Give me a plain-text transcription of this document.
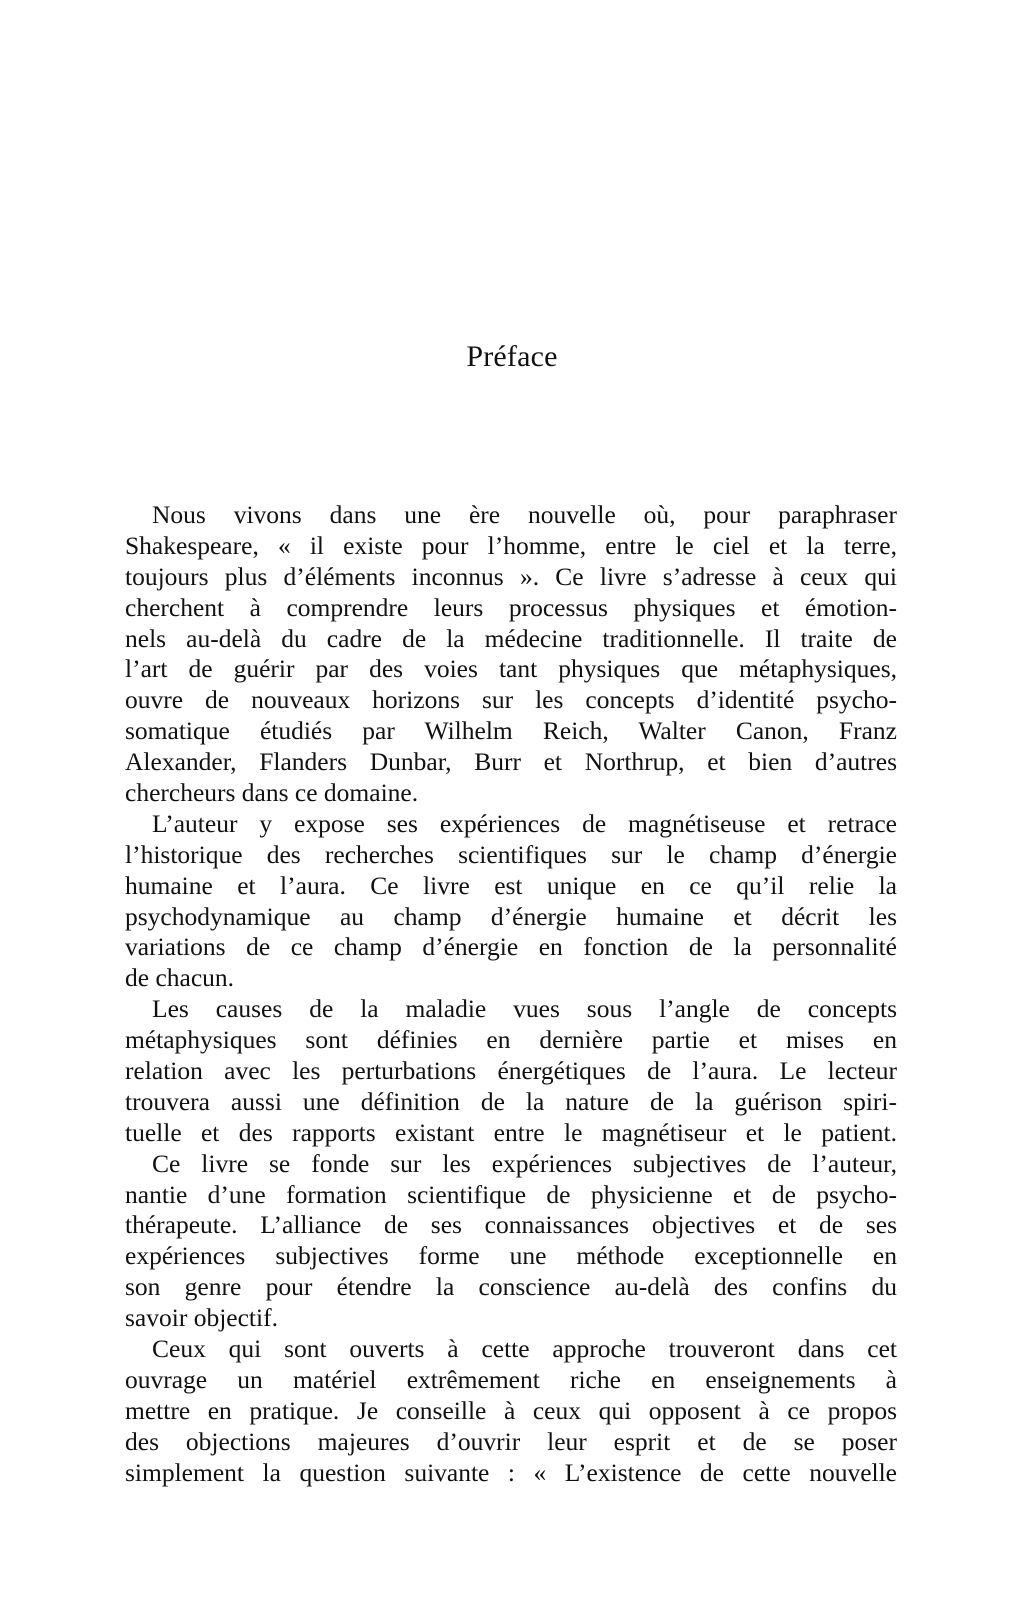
Préface
Nous vivons dans une ère nouvelle où, pour paraphraser
Shakespeare, « il existe pour l’homme, entre le ciel et la terre,
toujours plus d’éléments inconnus ». Ce livre s’adresse à ceux qui
cherchent à comprendre leurs processus physiques et émotion-
nels au-delà du cadre de la médecine traditionnelle. Il traite de
l’art de guérir par des voies tant physiques que métaphysiques,
ouvre de nouveaux horizons sur les concepts d’identité psycho-
somatique étudiés par Wilhelm Reich, Walter Canon, Franz
Alexander, Flanders Dunbar, Burr et Northrup, et bien d’autres
chercheurs dans ce domaine.
L’auteur y expose ses expériences de magnétiseuse et retrace
l’historique des recherches scientifiques sur le champ d’énergie
humaine et l’aura. Ce livre est unique en ce qu’il relie la
psychodynamique au champ d’énergie humaine et décrit les
variations de ce champ d’énergie en fonction de la personnalité
de chacun.
Les causes de la maladie vues sous l’angle de concepts
métaphysiques sont définies en dernière partie et mises en
relation avec les perturbations énergétiques de l’aura. Le lecteur
trouvera aussi une définition de la nature de la guérison spiri-
tuelle et des rapports existant entre le magnétiseur et le patient.
Ce livre se fonde sur les expériences subjectives de l’auteur,
nantie d’une formation scientifique de physicienne et de psycho-
thérapeute. L’alliance de ses connaissances objectives et de ses
expériences subjectives forme une méthode exceptionnelle en
son genre pour étendre la conscience au-delà des confins du
savoir objectif.
Ceux qui sont ouverts à cette approche trouveront dans cet
ouvrage un matériel extrêmement riche en enseignements à
mettre en pratique. Je conseille à ceux qui opposent à ce propos
des objections majeures d’ouvrir leur esprit et de se poser
simplement la question suivante : « L’existence de cette nouvelle
